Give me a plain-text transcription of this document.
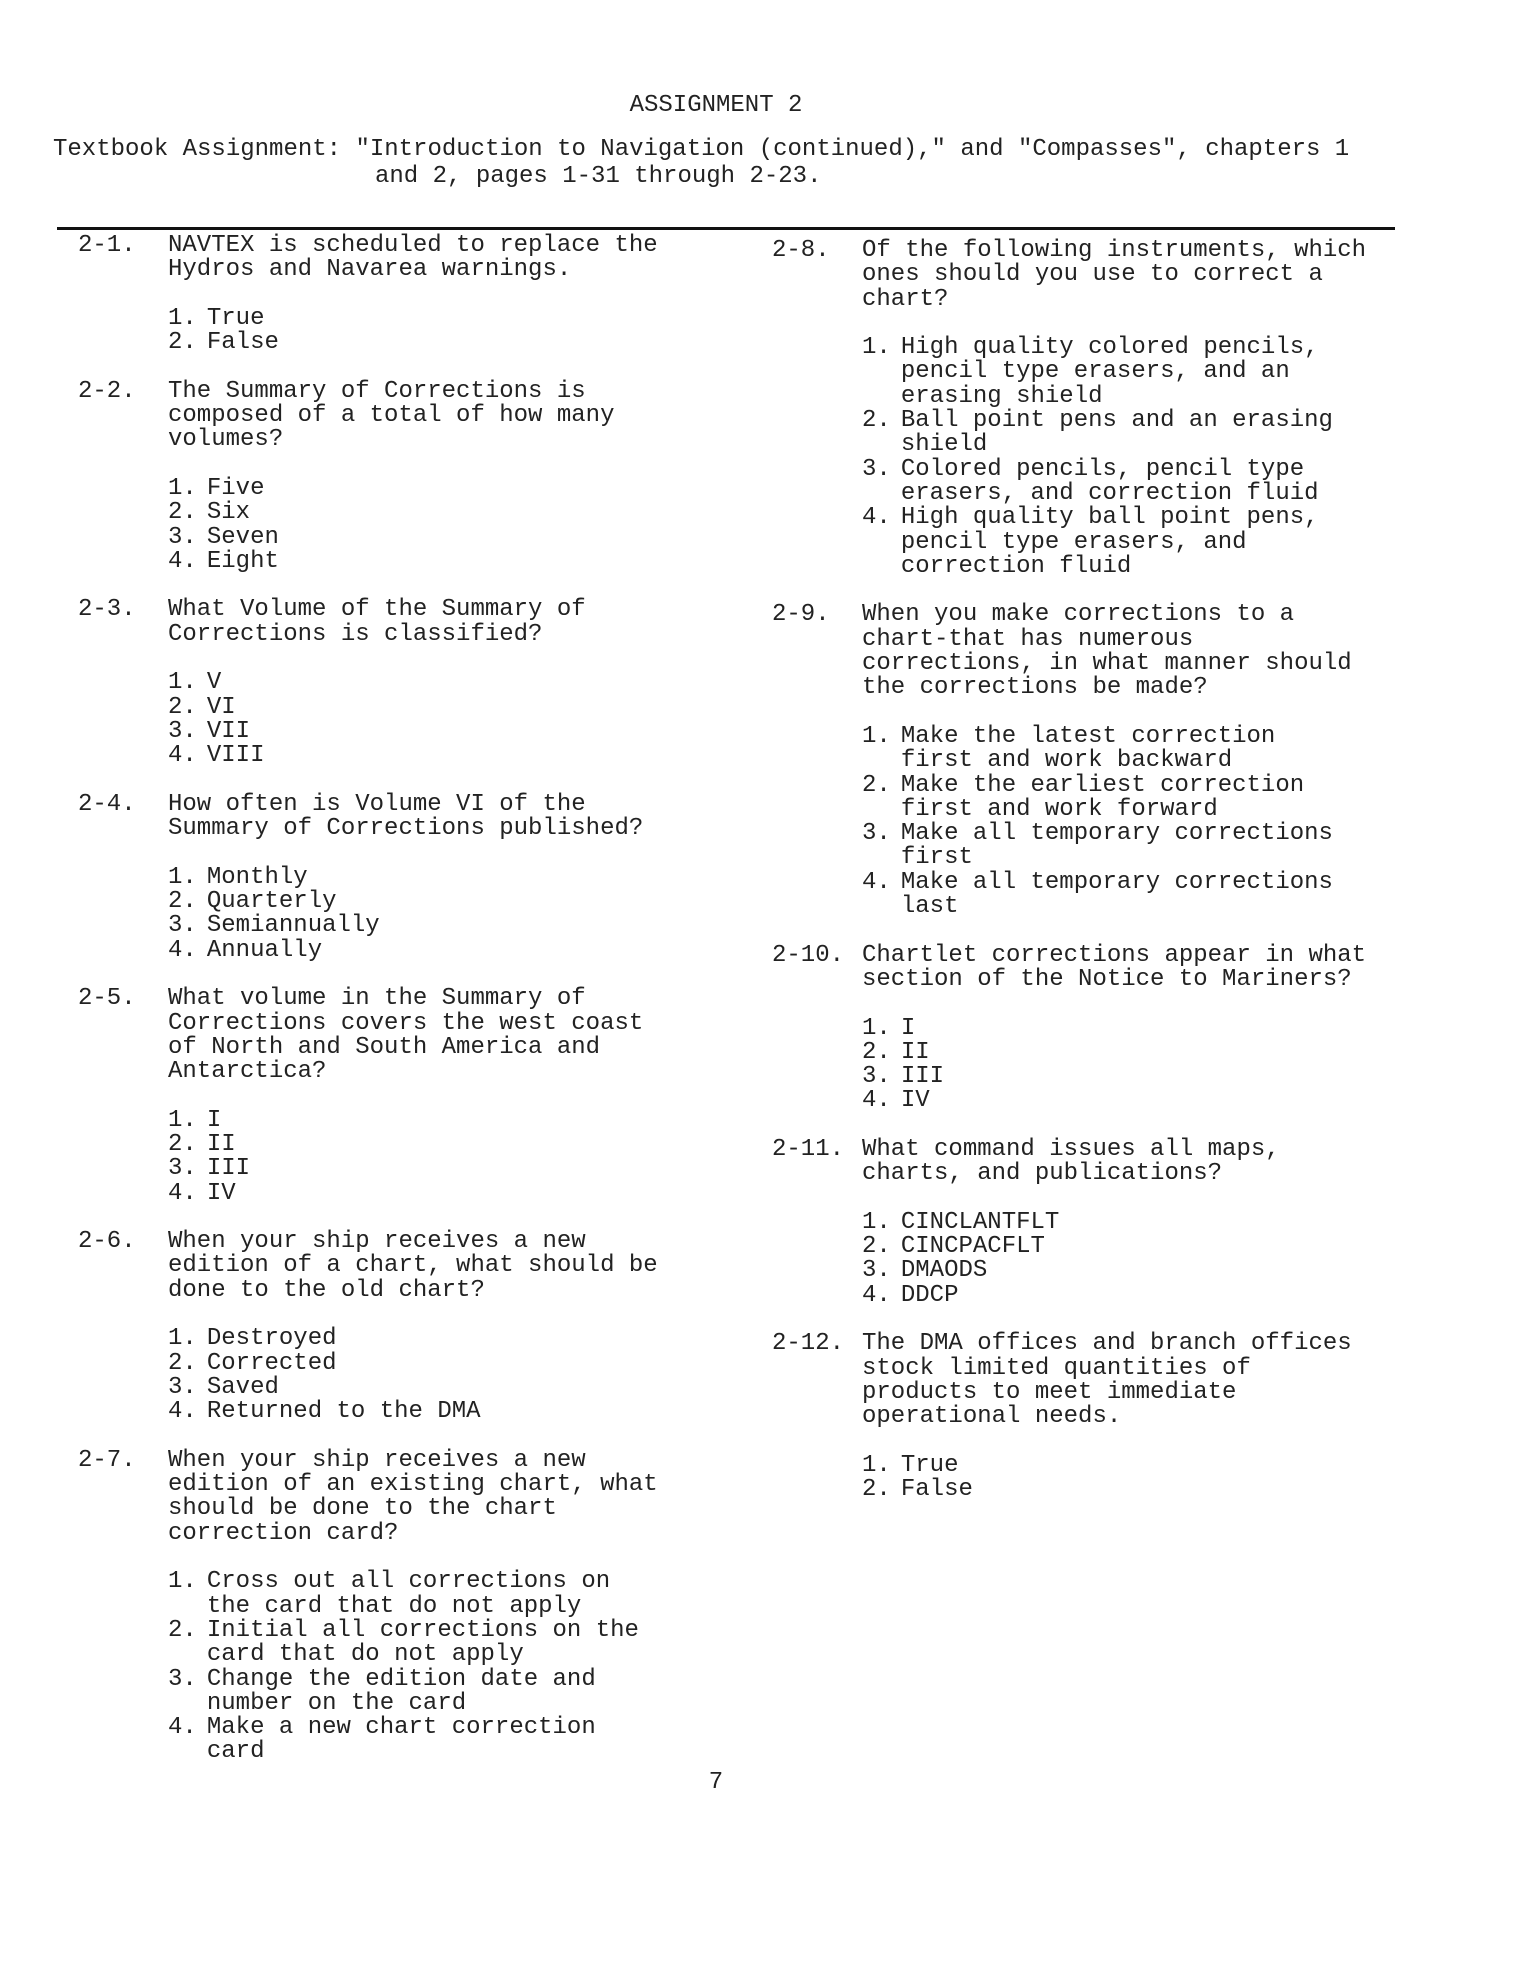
ASSIGNMENT 2
Textbook Assignment: "Introduction to Navigation (continued)," and "Compasses", chapters 1
and 2, pages 1-31 through 2-23.
2-1. NAVTEX is scheduled to replace the Hydros and Navarea warnings.
1. True
2. False
2-2. The Summary of Corrections is composed of a total of how many volumes?
1. Five
2. Six
3. Seven
4. Eight
2-3. What Volume of the Summary of Corrections is classified?
1. V
2. VI
3. VII
4. VIII
2-4. How often is Volume VI of the Summary of Corrections published?
1. Monthly
2. Quarterly
3. Semiannually
4. Annually
2-5. What volume in the Summary of Corrections covers the west coast of North and South America and Antarctica?
1. I
2. II
3. III
4. IV
2-6. When your ship receives a new edition of a chart, what should be done to the old chart?
1. Destroyed
2. Corrected
3. Saved
4. Returned to the DMA
2-7. When your ship receives a new edition of an existing chart, what should be done to the chart correction card?
1. Cross out all corrections on the card that do not apply
2. Initial all corrections on the card that do not apply
3. Change the edition date and number on the card
4. Make a new chart correction card
2-8. Of the following instruments, which ones should you use to correct a chart?
1. High quality colored pencils, pencil type erasers, and an erasing shield
2. Ball point pens and an erasing shield
3. Colored pencils, pencil type erasers, and correction fluid
4. High quality ball point pens, pencil type erasers, and correction fluid
2-9. When you make corrections to a chart-that has numerous corrections, in what manner should the corrections be made?
1. Make the latest correction first and work backward
2. Make the earliest correction first and work forward
3. Make all temporary corrections first
4. Make all temporary corrections last
2-10. Chartlet corrections appear in what section of the Notice to Mariners?
1. I
2. II
3. III
4. IV
2-11. What command issues all maps, charts, and publications?
1. CINCLANTFLT
2. CINCPACFLT
3. DMAODS
4. DDCP
2-12. The DMA offices and branch offices stock limited quantities of products to meet immediate operational needs.
1. True
2. False
7
